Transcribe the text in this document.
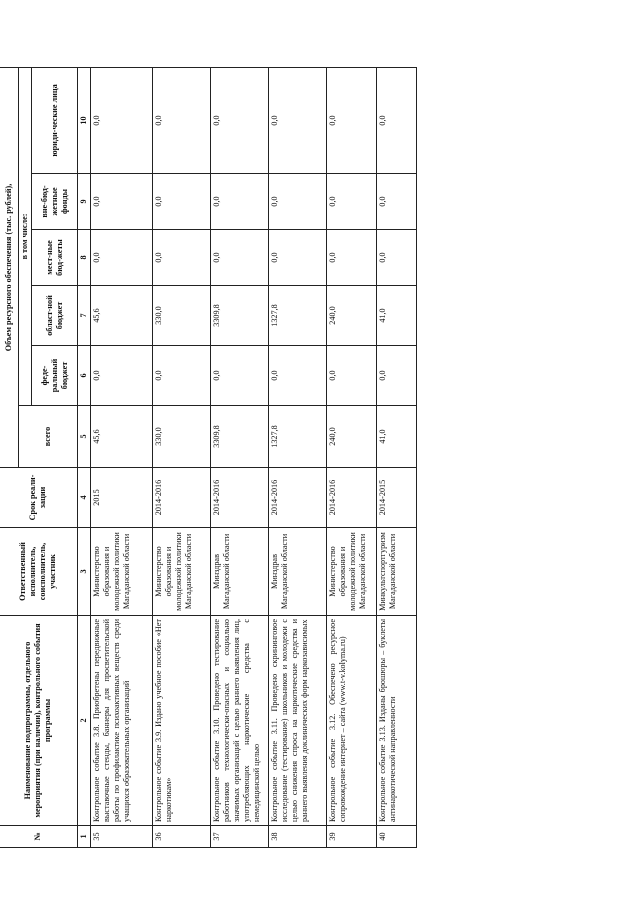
№	Наименование подпрограммы, отдельного мероприятия (при наличии), контрольного события программы	Ответственный исполнитель, соисполнитель, участник	Срок реали-зации	Объем ресурсного обеспечения (тыс. рублей),					
				всего	в том числе:				
					феде-ральный бюджет	област-ной бюджет	мест-ные бюд-жеты	вне-бюд-жетные фонды	юриди-ческие лица
1	2	3	4	5	6	7	8	9	10
35	Контрольное событие 3.8. Приобретены передвижные выставочные стенды, баннеры для просветительской работы по профилактике психоактивных веществ среди учащихся образовательных организаций	Министерство образования и молодежной политики Магаданской области	2015	45,6	0,0	45,6	0,0	0,0	0,0
36	Контрольное событие 3.9. Издано учебное пособие «Нет наркотикам»	Министерство образования и молодежной политики Магаданской области	2014-2016	330,0	0,0	330,0	0,0	0,0	0,0
37	Контрольное событие 3.10. Проведено тестирование работников технологически-опасных и социально значимых организаций с целью раннего выявления лиц, употребляющих наркотические средства с немедицинской целью	Минздрав Магаданской области	2014-2016	3309,8	0,0	3309,8	0,0	0,0	0,0
38	Контрольное событие 3.11. Проведено скрининговое исследование (тестирование) школьников и молодежи с целью снижения спроса на наркотические средства и раннего выявления доклинических форм наркозависимых	Минздрав Магаданской области	2014-2016	1327,8	0,0	1327,8	0,0	0,0	0,0
39	Контрольное событие 3.12. Обеспечено ресурсное сопровождение интернет – сайта (www.t-v.kolyma.ru)	Министерство образования и молодежной политики Магаданской области	2014-2016	240,0	0,0	240,0	0,0	0,0	0,0
40	Контрольное событие 3.13. Изданы брошюры – буклеты антинаркотической направленности	Минкультспортгуризм Магаданской области	2014-2015	41,0	0,0	41,0	0,0	0,0	0,0
